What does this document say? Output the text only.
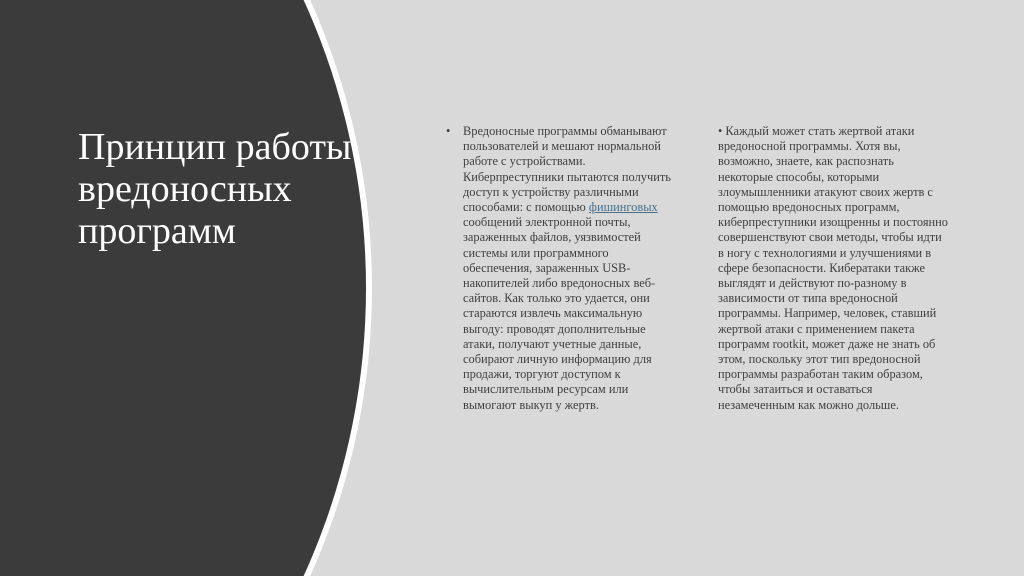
Принцип работы вредоносных программ
• Вредоносные программы обманывают пользователей и мешают нормальной работе с устройствами. Киберпреступники пытаются получить доступ к устройству различными способами: с помощью фишинговых сообщений электронной почты, зараженных файлов, уязвимостей системы или программного обеспечения, зараженных USB-накопителей либо вредоносных веб-сайтов. Как только это удается, они стараются извлечь максимальную выгоду: проводят дополнительные атаки, получают учетные данные, собирают личную информацию для продажи, торгуют доступом к вычислительным ресурсам или вымогают выкуп у жертв.
• Каждый может стать жертвой атаки вредоносной программы. Хотя вы, возможно, знаете, как распознать некоторые способы, которыми злоумышленники атакуют своих жертв с помощью вредоносных программ, киберпреступники изощренны и постоянно совершенствуют свои методы, чтобы идти в ногу с технологиями и улучшениями в сфере безопасности. Кибератаки также выглядят и действуют по-разному в зависимости от типа вредоносной программы. Например, человек, ставший жертвой атаки с применением пакета программ rootkit, может даже не знать об этом, поскольку этот тип вредоносной программы разработан таким образом, чтобы затаиться и оставаться незамеченным как можно дольше.
